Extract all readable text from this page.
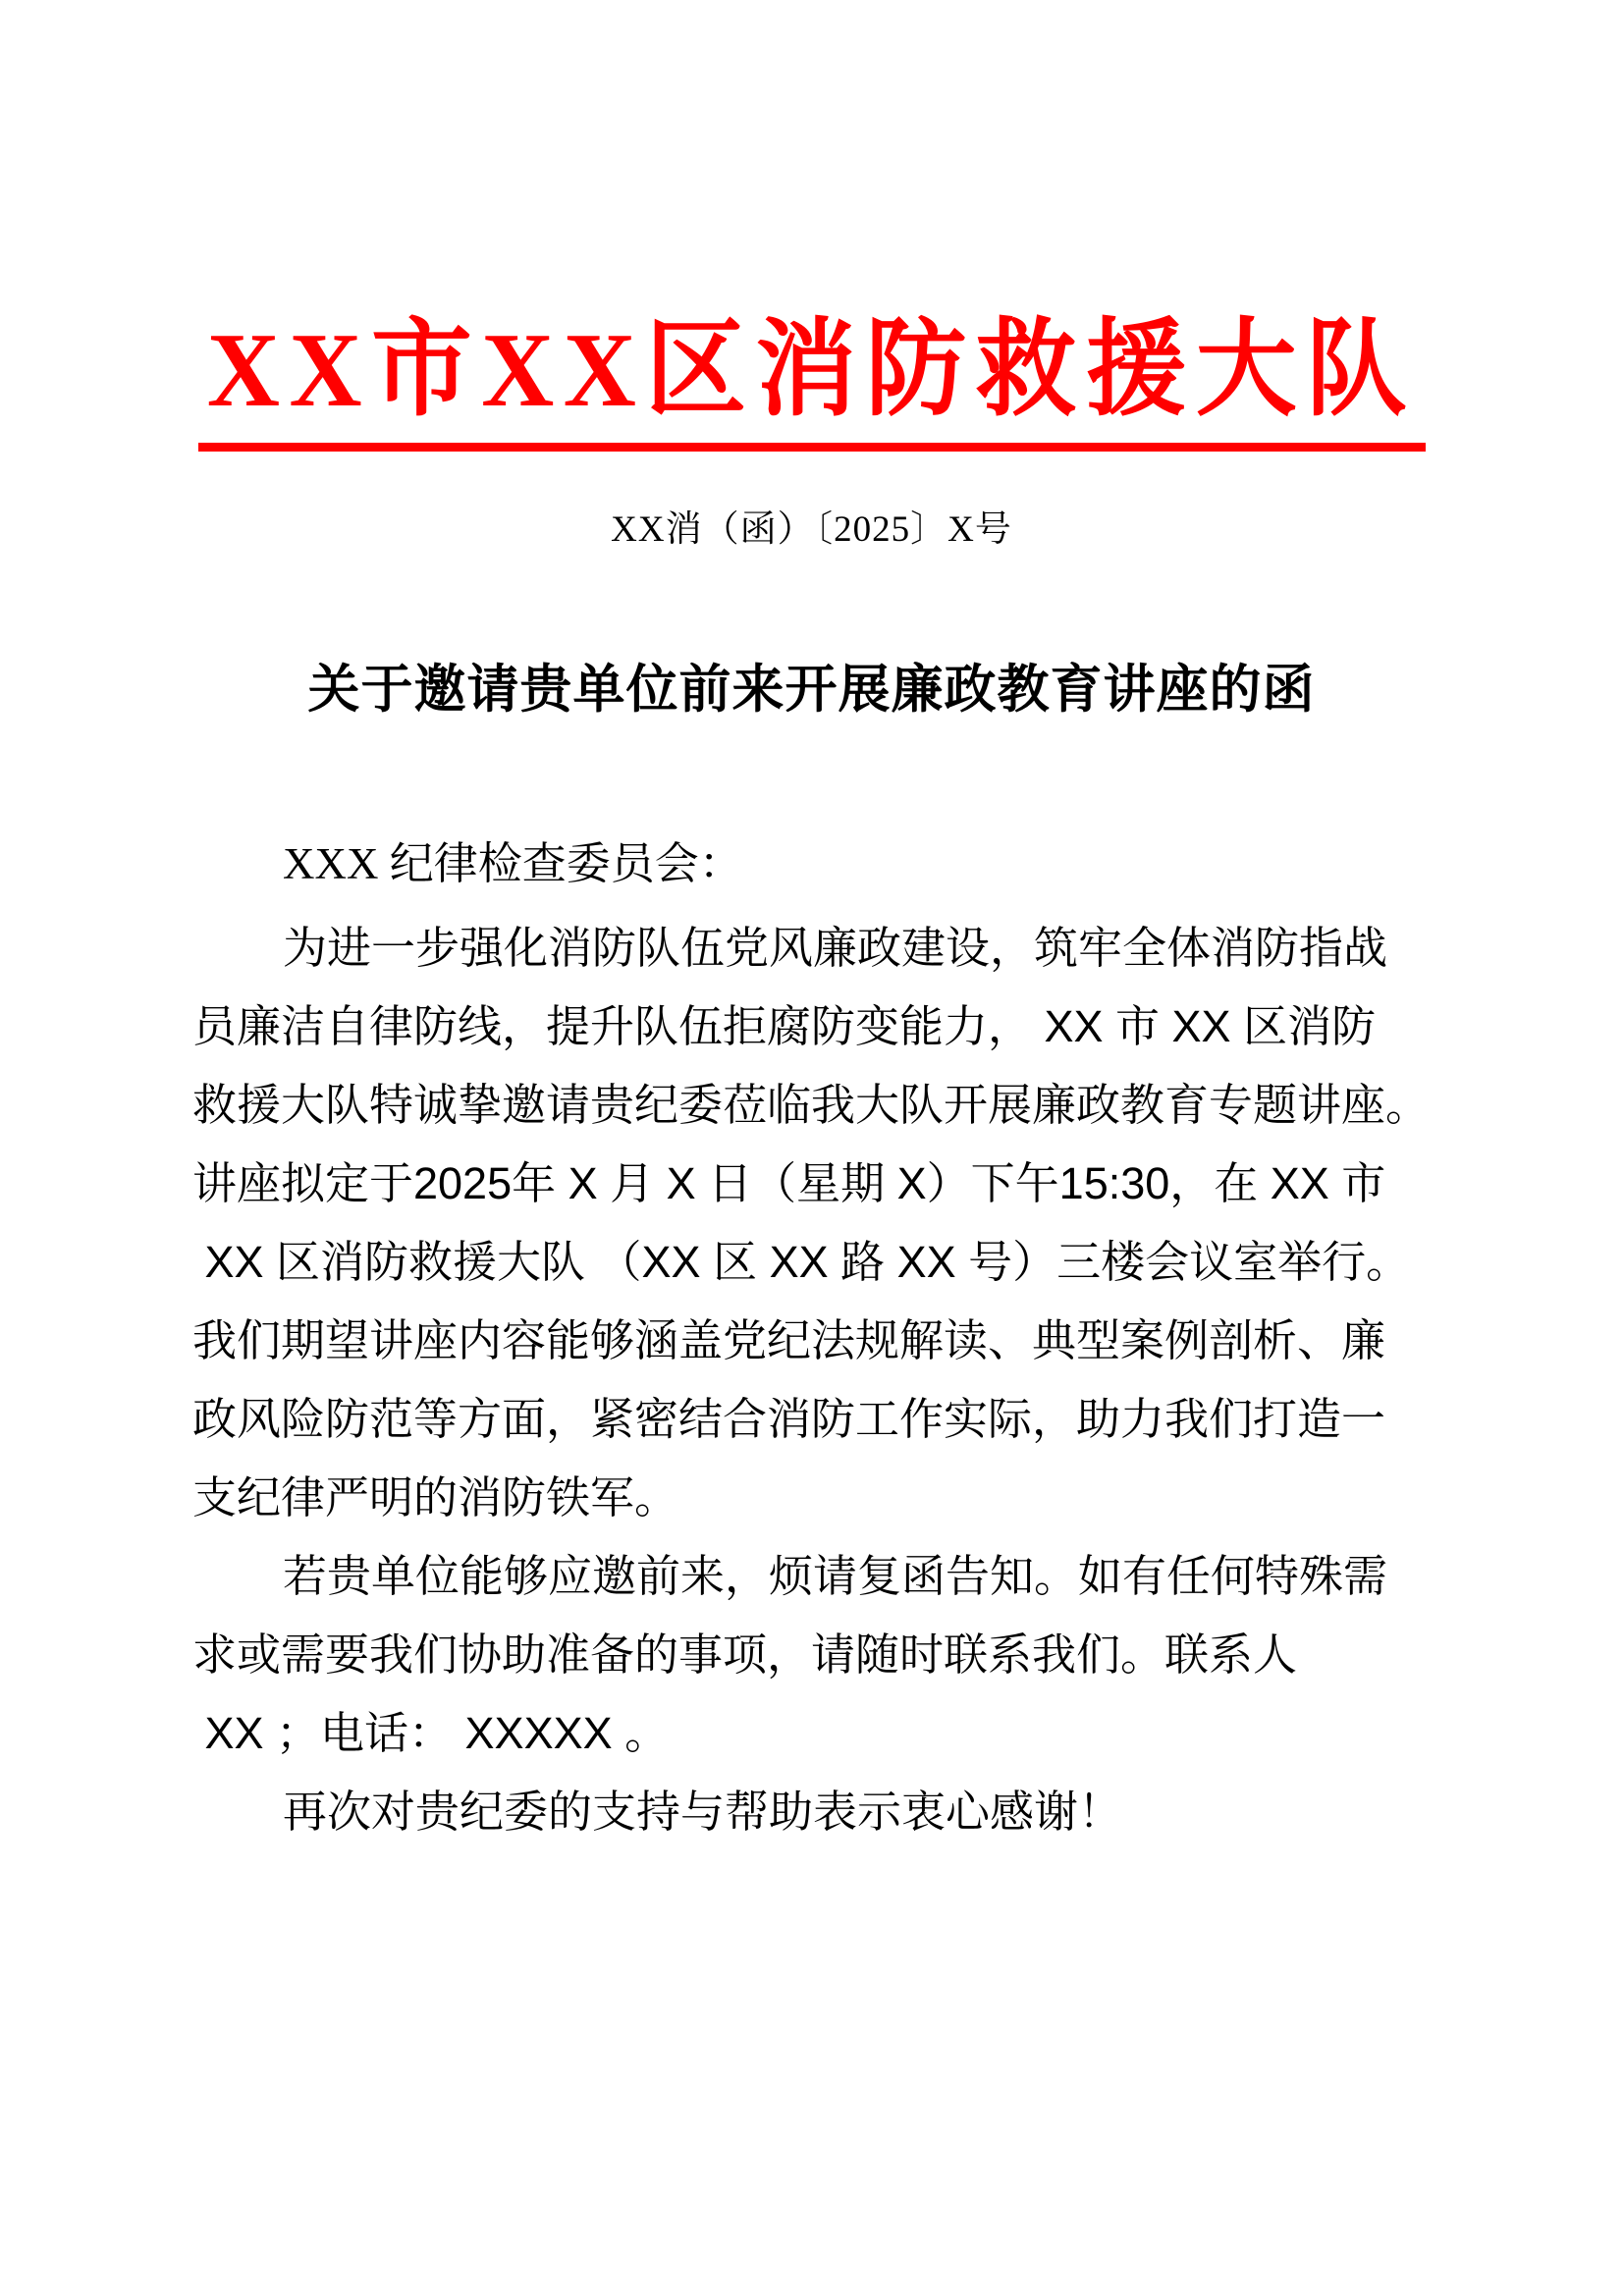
XX市XX区消防救援大队
XX消（函）〔2025〕X号
关于邀请贵单位前来开展廉政教育讲座的函
XXX 纪律检查委员会：
为进一步强化消防队伍党风廉政建设，筑牢全体消防指战
员廉洁自律防线，提升队伍拒腐防变能力， XX 市 XX 区消防
救援大队特诚挚邀请贵纪委莅临我大队开展廉政教育专题讲座。
讲座拟定于2025年 X 月 X 日（星期 X）下午15:30，在 XX 市
XX 区消防救援大队 （XX 区 XX 路 XX 号）三楼会议室举行。
我们期望讲座内容能够涵盖党纪法规解读、典型案例剖析、廉
政风险防范等方面，紧密结合消防工作实际，助力我们打造一
支纪律严明的消防铁军。
若贵单位能够应邀前来，烦请复函告知。如有任何特殊需
求或需要我们协助准备的事项，请随时联系我们。联系人
XX ；电话： XXXXX 。
再次对贵纪委的支持与帮助表示衷心感谢！
